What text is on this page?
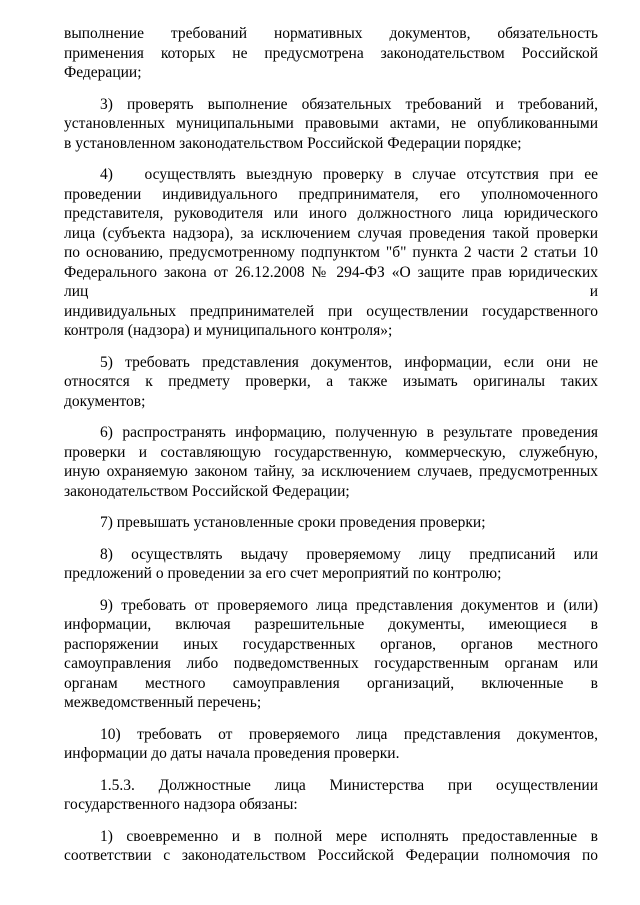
выполнение требований нормативных документов, обязательность
применения которых не предусмотрена законодательством Российской
Федерации;

3) проверять выполнение обязательных требований и требований,
установленных муниципальными правовыми актами, не опубликованными
в установленном законодательством Российской Федерации порядке;

4)   осуществлять выездную проверку в случае отсутствия при ее
проведении индивидуального предпринимателя, его уполномоченного
представителя, руководителя или иного должностного лица юридического
лица (субъекта надзора), за исключением случая проведения такой проверки
по основанию, предусмотренному подпунктом "б" пункта 2 части 2 статьи 10
Федерального закона от 26.12.2008 № 294-ФЗ «О защите прав юридических
лиц и
индивидуальных предпринимателей при осуществлении государственного
контроля (надзора) и муниципального контроля»;

5) требовать представления документов, информации, если они не
относятся к предмету проверки, а также изымать оригиналы таких
документов;

6) распространять информацию, полученную в результате проведения
проверки и составляющую государственную, коммерческую, служебную,
иную охраняемую законом тайну, за исключением случаев, предусмотренных
законодательством Российской Федерации;

7) превышать установленные сроки проведения проверки;

8) осуществлять выдачу проверяемому лицу предписаний или
предложений о проведении за его счет мероприятий по контролю;

9) требовать от проверяемого лица представления документов и (или)
информации, включая разрешительные документы, имеющиеся в
распоряжении иных государственных органов, органов местного
самоуправления либо подведомственных государственным органам или
органам местного самоуправления организаций, включенные в
межведомственный перечень;

10) требовать от проверяемого лица представления документов,
информации до даты начала проведения проверки.

1.5.3. Должностные лица Министерства при осуществлении
государственного надзора обязаны:

1) своевременно и в полной мере исполнять предоставленные в
соответствии с законодательством Российской Федерации полномочия по
